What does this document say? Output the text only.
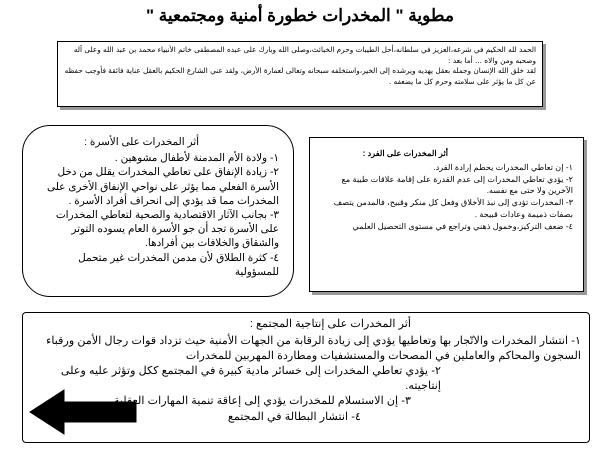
مطوية " المخدرات خطورة أمنية ومجتمعية "

الحمد لله الحكيم في شرعه،العزيز في سلطانه،أحل الطيبات وحرم الخبائث،وصلى الله وبارك على عبده المصطفى خاتم الأنبياء محمد بن عبد الله وعلى آله وصحبه ومن والاه ... أما بعد :

لقد خلق الله الإنسان وجمله بعقل يهديه ويرشده إلى الخير،واستخلفه سبحانه وتعالى لعمارة الأرض، ولقد عني الشارع الحكيم بالعقل عناية فائقة فأوجب حفظه عن كل ما يؤثر على سلامته وحرم كل ما يضعفه .

أثر المخدرات على الأسرة :
١- ولادة الأم المدمنة لأطفال مشوهين .
٢- زيادة الإنفاق على تعاطي المخدرات يقلل من دخل الأسرة الفعلي مما يؤثر على نواحي الإنفاق الأخرى على المخدرات مما قد يؤدي إلى انحراف أفراد الأسرة .
٣- بجانب الآثار الاقتصادية والصحية لتعاطي المخدرات على الأسرة تجد أن جو الأسرة العام يسوده التوتر والشقاق والخلافات بين أفرادها.
٤- كثرة الطلاق لأن مدمن المخدرات غير متحمل للمسؤولية
أثر المخدرات على الفرد :
١- إن تعاطي المخدرات يحطم إرادة الفرد.
٢- يؤدي تعاطي المخدرات إلى عدم القدرة على إقامة علاقات طيبة مع الآخرين ولا حتى مع نفسه.
٣- المخدرات تؤدي إلى نبذ الأخلاق وفعل كل منكر وقبيح، فالمدمن يتصف بصفات ذميمة وعادات قبيحة .
٤- ضعف التركيز،وخمول ذهني وتراجع في مستوى التحصيل العلمي
أثر المخدرات على إنتاجية المجتمع :
١- انتشار المخدرات والاتّجار بها وتعاطيها يؤدي إلى زيادة الرقابة من الجهات الأمنية حيث تزداد قوات رجال الأمن ورقباء السجون والمحاكم والعاملين في المصحات والمستشفيات ومطاردة المهربين للمخدرات
٢- يؤدي تعاطي المخدرات إلى خسائر مادية كبيرة في المجتمع ككل وتؤثر عليه وعلى إنتاجيته.
٣- إن الاستسلام للمخدرات يؤدي إلى إعاقة تنمية المهارات العقلية
٤- انتشار البطالة في المجتمع
